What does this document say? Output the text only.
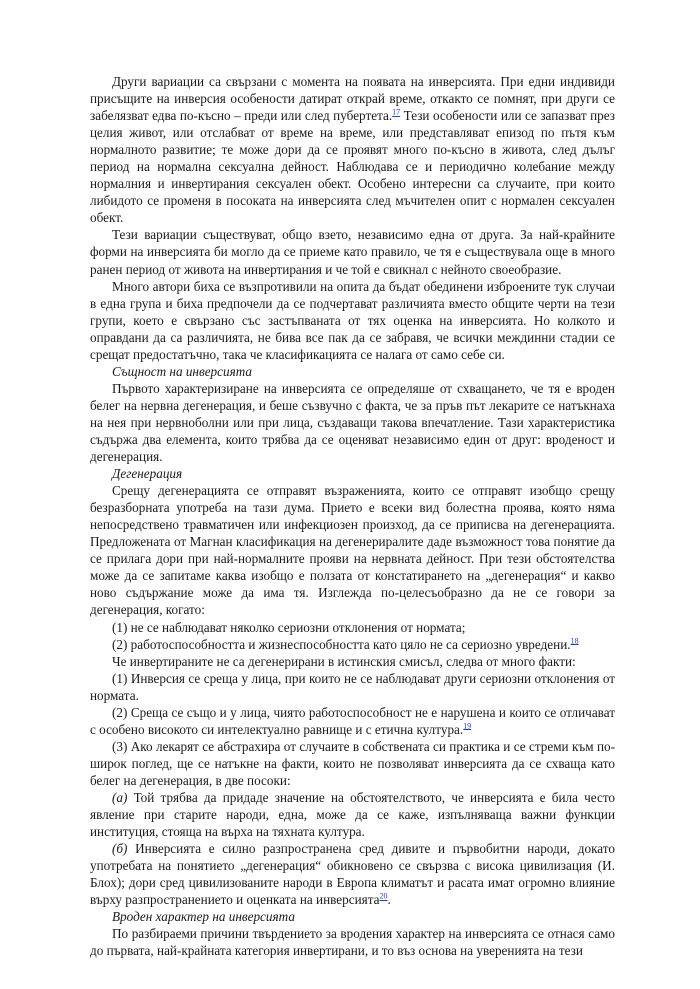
Други вариации са свързани с момента на появата на инверсията. При едни индивиди присъщите на инверсия особености датират открай време, откакто се помнят, при други се забелязват едва по-късно – преди или след пубертета.$^{17}$ Тези особености или се запазват през целия живот, или отслабват от време на време, или представляват епизод по пътя към нормалното развитие; те може дори да се проявят много по-късно в живота, след дълъг период на нормална сексуална дейност. Наблюдава се и периодично колебание между нормалния и инвертирания сексуален обект. Особено интересни са случаите, при които либидото се променя в посоката на инверсията след мъчителен опит с нормален сексуален обект.

Тези вариации съществуват, общо взето, независимо една от друга. За най-крайните форми на инверсията би могло да се приеме като правило, че тя е съществувала още в много ранен период от живота на инвертирания и че той е свикнал с нейното своеобразие.

Много автори биха се възпротивили на опита да бъдат обединени изброените тук случаи в една група и биха предпочели да се подчертават различията вместо общите черти на тези групи, което е свързано със застъпваната от тях оценка на инверсията. Но колкото и оправдани да са различията, не бива все пак да се забравя, че всички междинни стадии се срещат предостатъчно, така че класификацията се налага от само себе си.

Същност на инверсията

Първото характеризиране на инверсията се определяше от схващането, че тя е вроден белег на нервна дегенерация, и беше съзвучно с факта, че за пръв път лекарите се натъкнаха на нея при нервноболни или при лица, създаващи такова впечатление. Тази характеристика съдържа два елемента, които трябва да се оценяват независимо един от друг: вроденост и дегенерация.

Дегенерация

Срещу дегенерацията се отправят възраженията, които се отправят изобщо срещу безразборната употреба на тази дума. Прието е всеки вид болестна проява, която няма непосредствено травматичен или инфекциозен произход, да се приписва на дегенерацията. Предложената от Магнан класификация на дегенериралите даде възможност това понятие да се прилага дори при най-нормалните прояви на нервната дейност. При тези обстоятелства може да се запитаме каква изобщо е ползата от констатирането на „дегенерация“ и какво ново съдържание може да има тя. Изглежда по-целесъобразно да не се говори за дегенерация, когато:

(1) не се наблюдават няколко сериозни отклонения от нормата;

(2) работоспособността и жизнеспособността като цяло не са сериозно увредени.$^{18}$

Че инвертираните не са дегенерирани в истинския смисъл, следва от много факти:

(1) Инверсия се среща у лица, при които не се наблюдават други сериозни отклонения от нормата.

(2) Среща се също и у лица, чиято работоспособност не е нарушена и които се отличават с особено високото си интелектуално равнище и с етична култура.$^{19}$

(3) Ако лекарят се абстрахира от случаите в собствената си практика и се стреми към по-широк поглед, ще се натъкне на факти, които не позволяват инверсията да се схваща като белег на дегенерация, в две посоки:

(а) Той трябва да придаде значение на обстоятелството, че инверсията е била често явление при старите народи, една, може да се каже, изпълняваща важни функции институция, стояща на върха на тяхната култура.

(б) Инверсията е силно разпространена сред дивите и първобитни народи, докато употребата на понятието „дегенерация“ обикновено се свързва с висока цивилизация (И. Блох); дори сред цивилизованите народи в Европа климатът и расата имат огромно влияние върху разпространението и оценката на инверсията$^{20}$.

Вроден характер на инверсията

По разбираеми причини твърдението за вродения характер на инверсията се отнася само до първата, най-крайната категория инвертирани, и то въз основа на уверенията на тези
